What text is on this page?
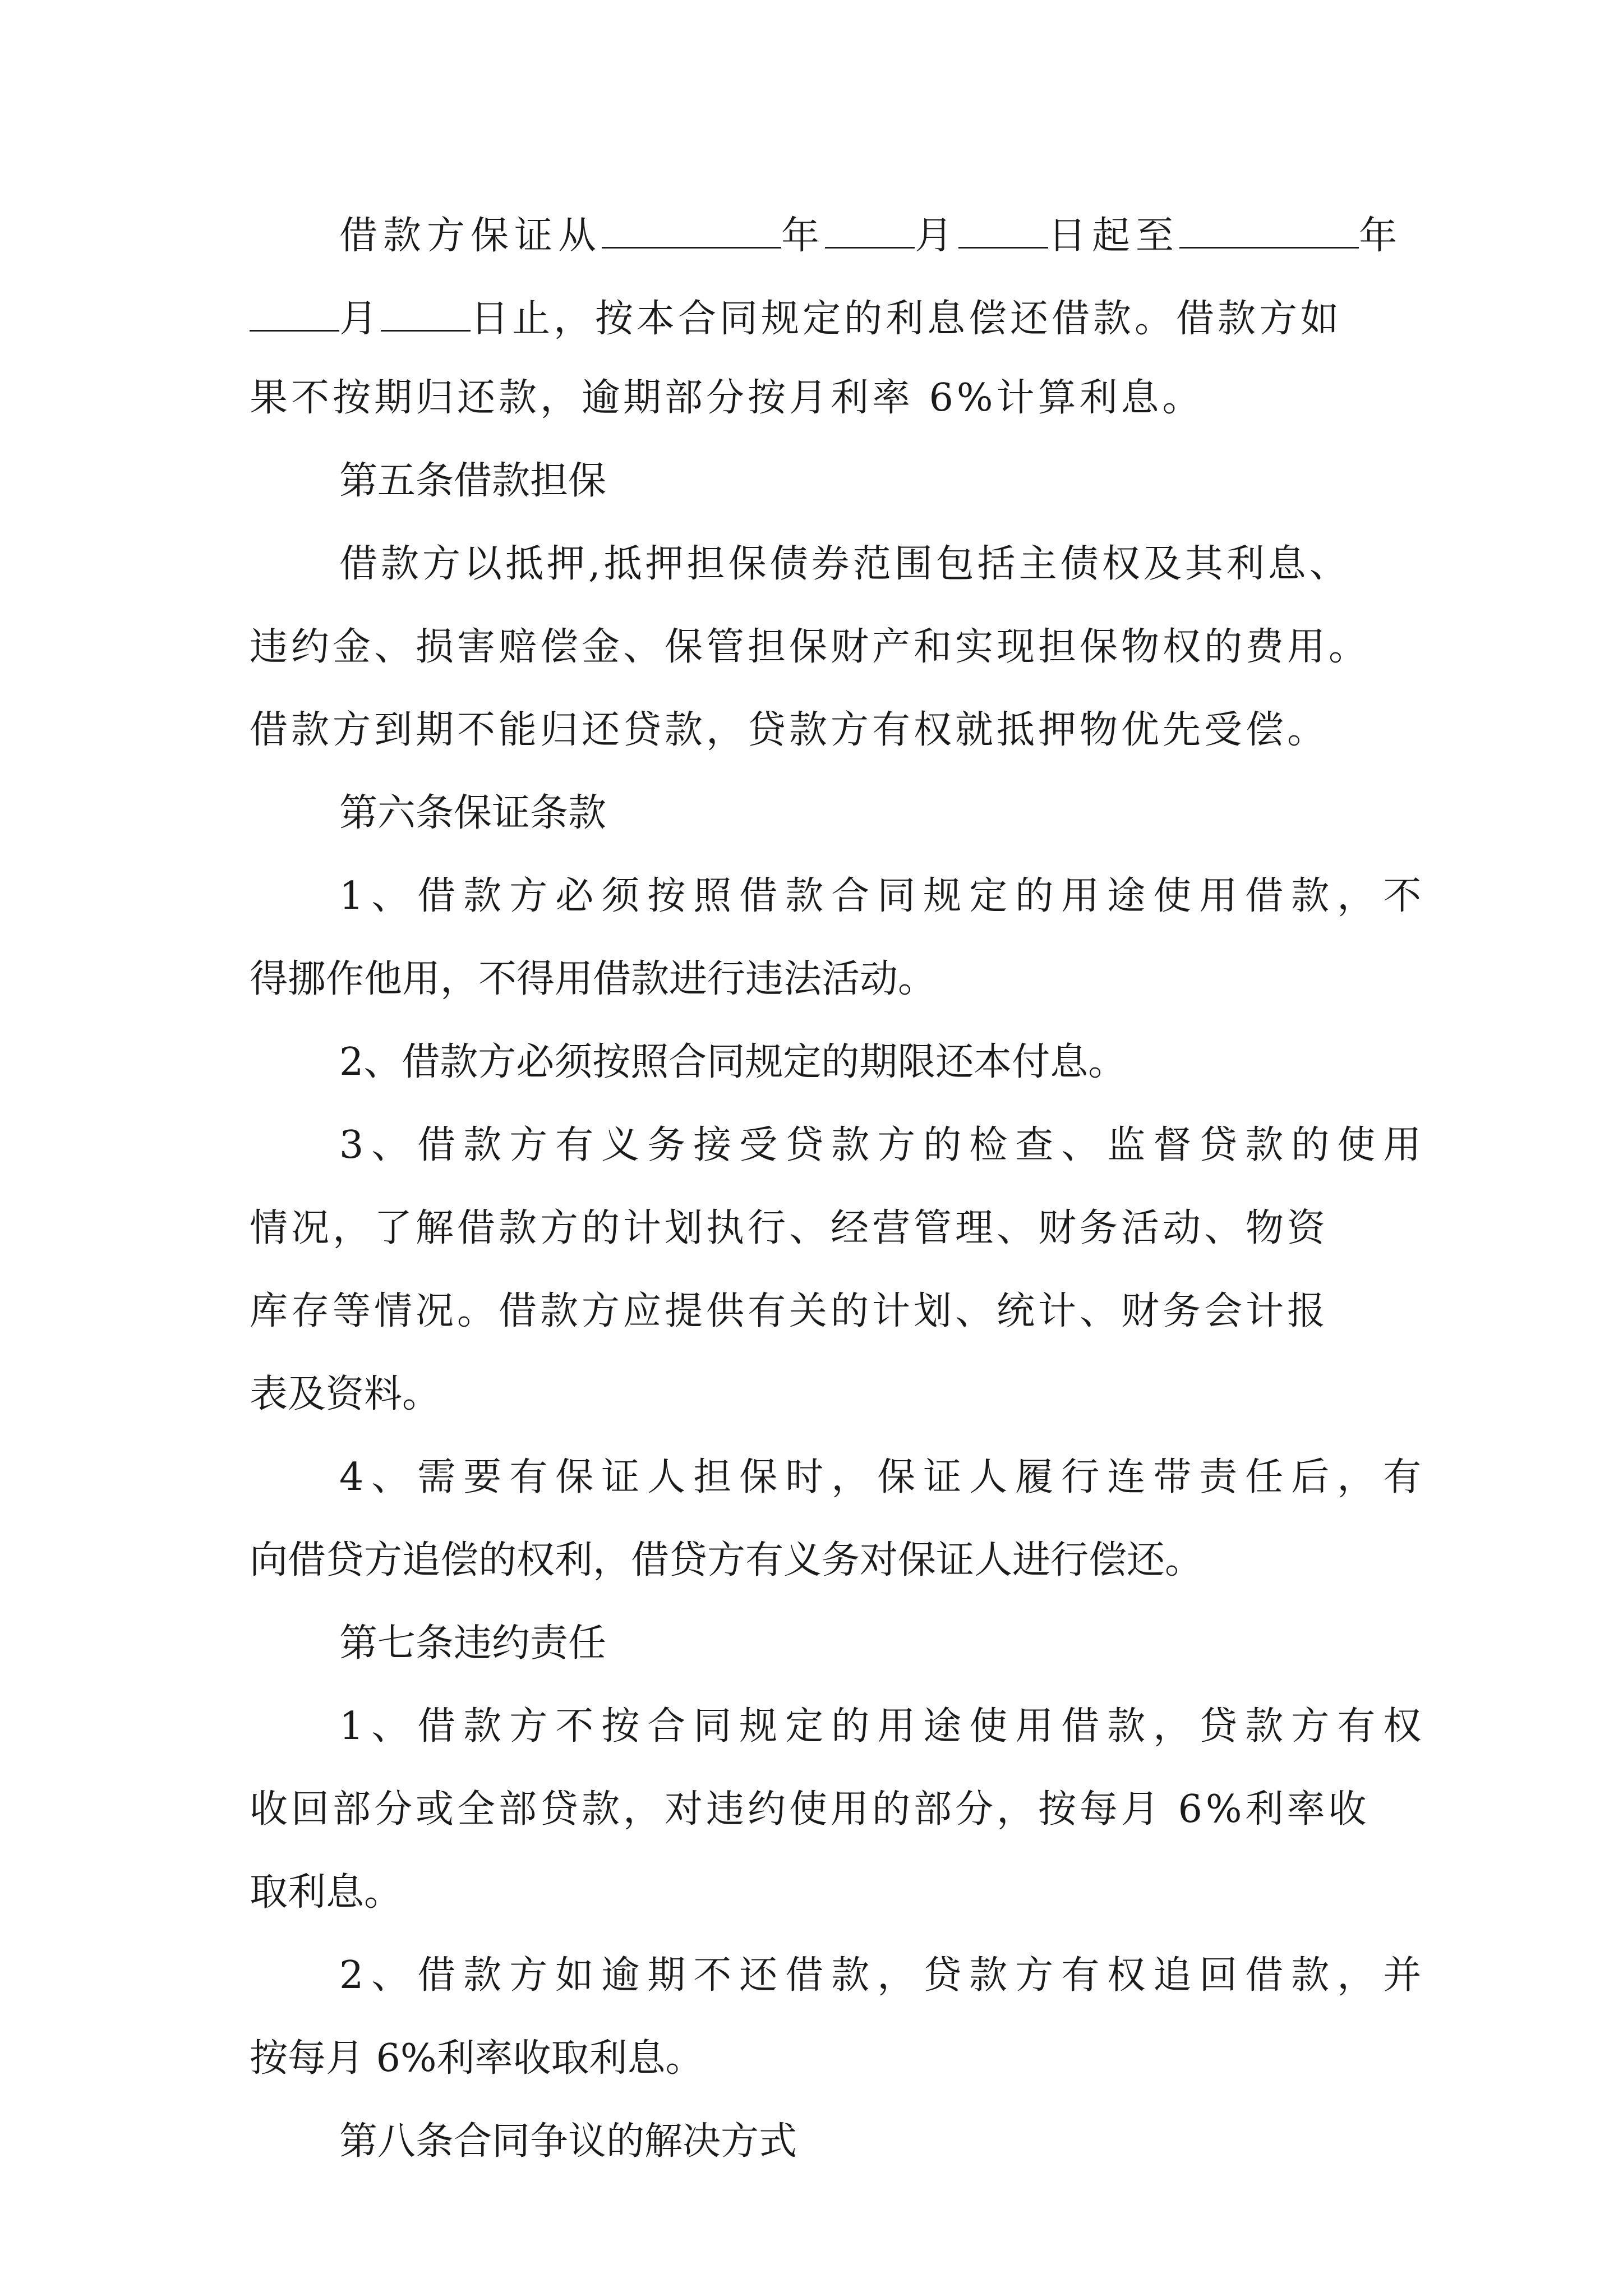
借款方保证从	年 月 日起至	年
月 日止，按本合同规定的利息偿还借款。借款方如
果不按期归还款，逾期部分按月利率 6%计算利息。
第五条借款担保
借款方以抵押,抵押担保债券范围包括主债权及其利息、
违约金、损害赔偿金、保管担保财产和实现担保物权的费用。
借款方到期不能归还贷款，贷款方有权就抵押物优先受偿。
第六条保证条款
1、借款方必须按照借款合同规定的用途使用借款，不
得挪作他用，不得用借款进行违法活动。
2、借款方必须按照合同规定的期限还本付息。
3、借款方有义务接受贷款方的检查、监督贷款的使用
情况，了解借款方的计划执行、经营管理、财务活动、物资
库存等情况。借款方应提供有关的计划、统计、财务会计报
表及资料。
4、需要有保证人担保时，保证人履行连带责任后，有
向借贷方追偿的权利，借贷方有义务对保证人进行偿还。
第七条违约责任
1、借款方不按合同规定的用途使用借款，贷款方有权
收回部分或全部贷款，对违约使用的部分，按每月 6%利率收
取利息。
2、借款方如逾期不还借款，贷款方有权追回借款，并
按每月 6%利率收取利息。
第八条合同争议的解决方式
